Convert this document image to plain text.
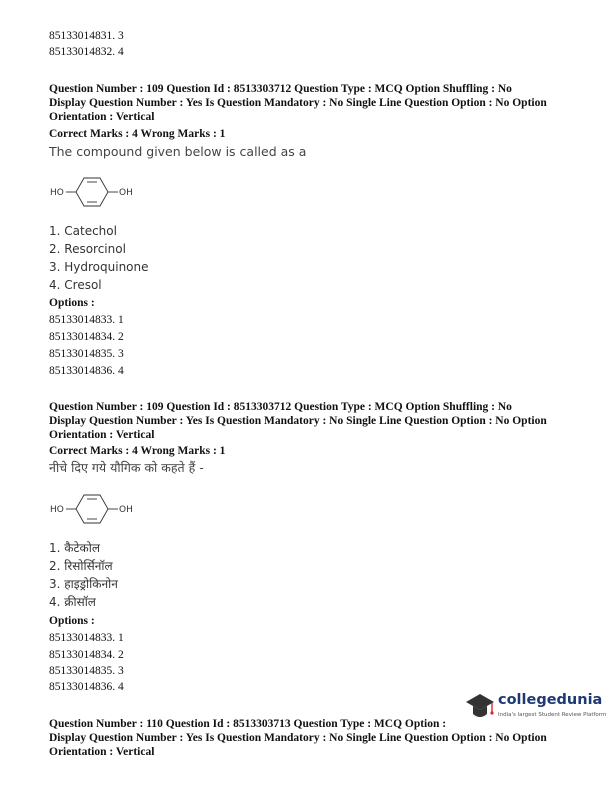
85133014831. 3
85133014832. 4
Question Number : 109 Question Id : 8513303712 Question Type : MCQ Option Shuffling : No
Display Question Number : Yes Is Question Mandatory : No Single Line Question Option : No Option
Orientation : Vertical
Correct Marks : 4 Wrong Marks : 1
The compound given below is called as a
HO	OH
1. Catechol
2. Resorcinol
3. Hydroquinone
4. Cresol
Options :
85133014833. 1
85133014834. 2
85133014835. 3
85133014836. 4
Question Number : 109 Question Id : 8513303712 Question Type : MCQ Option Shuffling : No
Display Question Number : Yes Is Question Mandatory : No Single Line Question Option : No Option
Orientation : Vertical
Correct Marks : 4 Wrong Marks : 1
नीचे दिए गये यौगिक को कहते हैं -
HO	OH
1. कैटेकोल
2. रिसोर्सिनॉल
3. हाइड्रोकिनोन
4. क्रीसॉल
Options :
85133014833. 1
85133014834. 2
85133014835. 3
85133014836. 4
Question Number : 110 Question Id : 8513303713 Question Type : MCQ Option :
Display Question Number : Yes Is Question Mandatory : No Single Line Question Option : No Option
Orientation : Vertical
collegedunia
India's largest Student Review Platform
